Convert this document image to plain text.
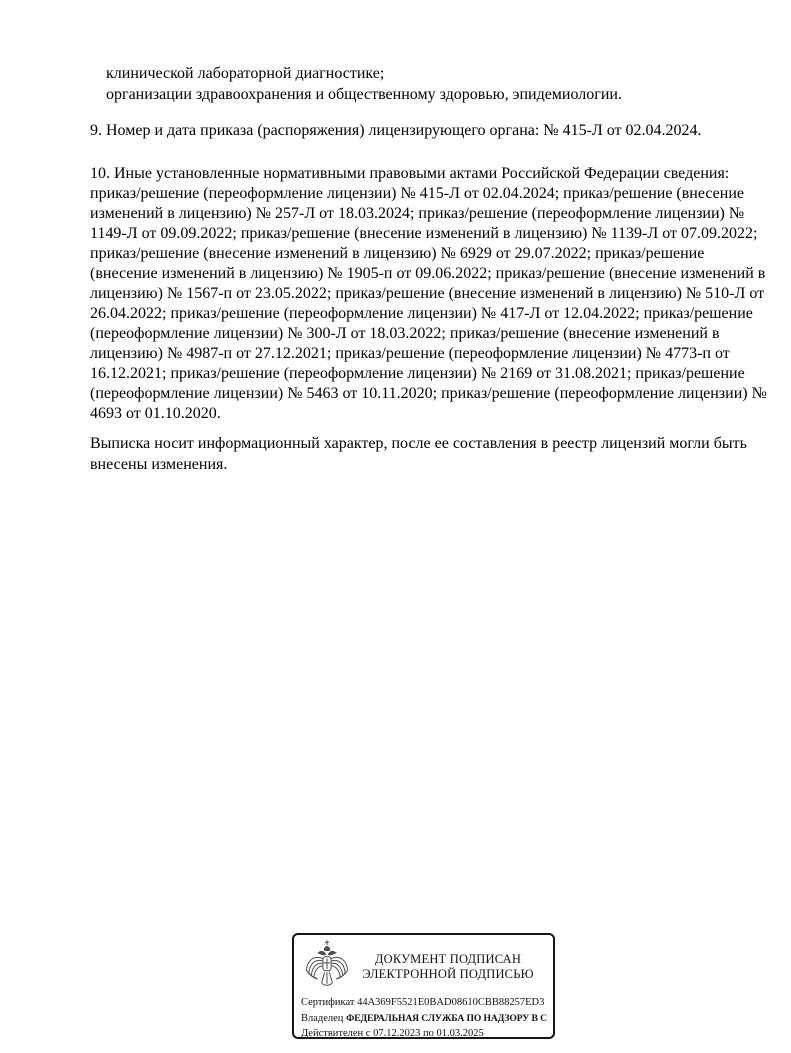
клинической лабораторной диагностике;
организации здравоохранения и общественному здоровью, эпидемиологии.

9. Номер и дата приказа (распоряжения) лицензирующего органа: № 415-⁠Л от 02.04.2024.

10. Иные установленные нормативными правовыми актами Российской Федерации сведения: приказ/⁠решение (переоформление лицензии) № 415-⁠Л от 02.04.2024; приказ/⁠решение (внесение изменений в лицензию) № 257-⁠Л от 18.03.2024; приказ/⁠решение (переоформление лицензии) № 1149-⁠Л от 09.09.2022; приказ/⁠решение (внесение изменений в лицензию) № 1139-⁠Л от 07.09.2022; приказ/⁠решение (внесение изменений в лицензию) № 6929 от 29.07.2022; приказ/⁠решение (внесение изменений в лицензию) № 1905-⁠п от 09.06.2022; приказ/⁠решение (внесение изменений в лицензию) № 1567-⁠п от 23.05.2022; приказ/⁠решение (внесение изменений в лицензию) № 510-⁠Л от 26.04.2022; приказ/⁠решение (переоформление лицензии) № 417-⁠Л от 12.04.2022; приказ/⁠решение (переоформление лицензии) № 300-⁠Л от 18.03.2022; приказ/⁠решение (внесение изменений в лицензию) № 4987-⁠п от 27.12.2021; приказ/⁠решение (переоформление лицензии) № 4773-⁠п от 16.12.2021; приказ/⁠решение (переоформление лицензии) № 2169 от 31.08.2021; приказ/⁠решение (переоформление лицензии) № 5463 от 10.11.2020; приказ/⁠решение (переоформление лицензии) № 4693 от 01.10.2020.

Выписка носит информационный характер, после ее составления в реестр лицензий могли быть внесены изменения.

ДОКУМЕНТ ПОДПИСАН
ЭЛЕКТРОННОЙ ПОДПИСЬЮ
Сертификат 44A369F5521E0BAD08610CBB88257ED3
Владелец ФЕДЕРАЛЬНАЯ СЛУЖБА ПО НАДЗОРУ В С
Действителен с 07.12.2023 по 01.03.2025
